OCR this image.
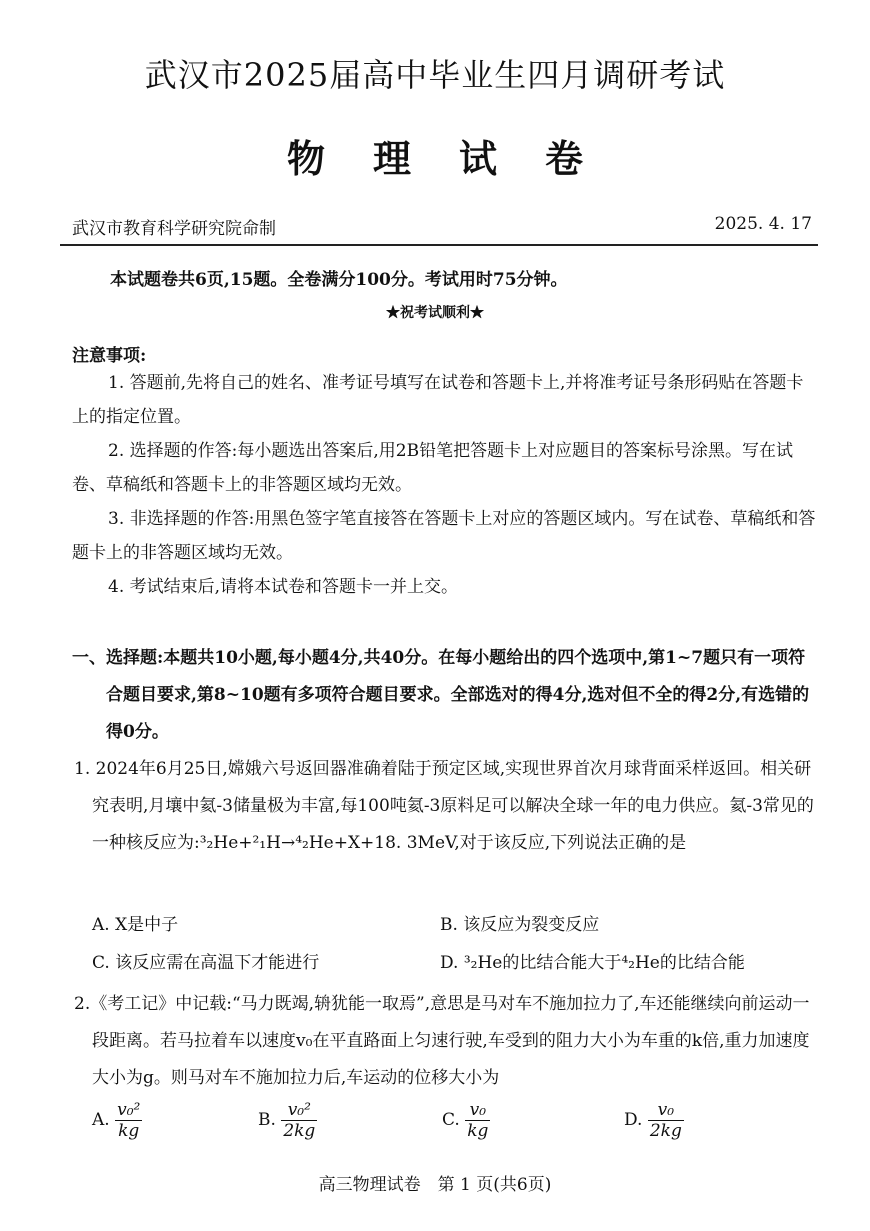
武汉市2025届高中毕业生四月调研考试
物 理 试 卷
武汉市教育科学研究院命制	2025. 4. 17
本试题卷共6页,15题。全卷满分100分。考试用时75分钟。
★祝考试顺利★
注意事项:
1. 答题前,先将自己的姓名、准考证号填写在试卷和答题卡上,并将准考证号条形码贴在答题卡上的指定位置。
2. 选择题的作答:每小题选出答案后,用2B铅笔把答题卡上对应题目的答案标号涂黑。写在试卷、草稿纸和答题卡上的非答题区域均无效。
3. 非选择题的作答:用黑色签字笔直接答在答题卡上对应的答题区域内。写在试卷、草稿纸和答题卡上的非答题区域均无效。
4. 考试结束后,请将本试卷和答题卡一并上交。
一、选择题:本题共10小题,每小题4分,共40分。在每小题给出的四个选项中,第1~7题只有一项符合题目要求,第8~10题有多项符合题目要求。全部选对的得4分,选对但不全的得2分,有选错的得0分。
1. 2024年6月25日,嫦娥六号返回器准确着陆于预定区域,实现世界首次月球背面采样返回。相关研究表明,月壤中氦-3储量极为丰富,每100吨氦-3原料足可以解决全球一年的电力供应。氦-3常见的一种核反应为:³₂He+²₁H→⁴₂He+X+18. 3MeV,对于该反应,下列说法正确的是
A. X是中子	B. 该反应为裂变反应
C. 该反应需在高温下才能进行	D. ³₂He的比结合能大于⁴₂He的比结合能
2.《考工记》中记载:“马力既竭,辀犹能一取焉”,意思是马对车不施加拉力了,车还能继续向前运动一段距离。若马拉着车以速度v₀在平直路面上匀速行驶,车受到的阻力大小为车重的k倍,重力加速度大小为g。则马对车不施加拉力后,车运动的位移大小为
A. $\frac{\text{v₀²}}{kg}$	B. $\frac{\text{v₀²}}{2kg}$	C. $\frac{\text{v₀}}{kg}$	D. $\frac{\text{v₀}}{2kg}$
高三物理试卷　第 1 页(共6页)
